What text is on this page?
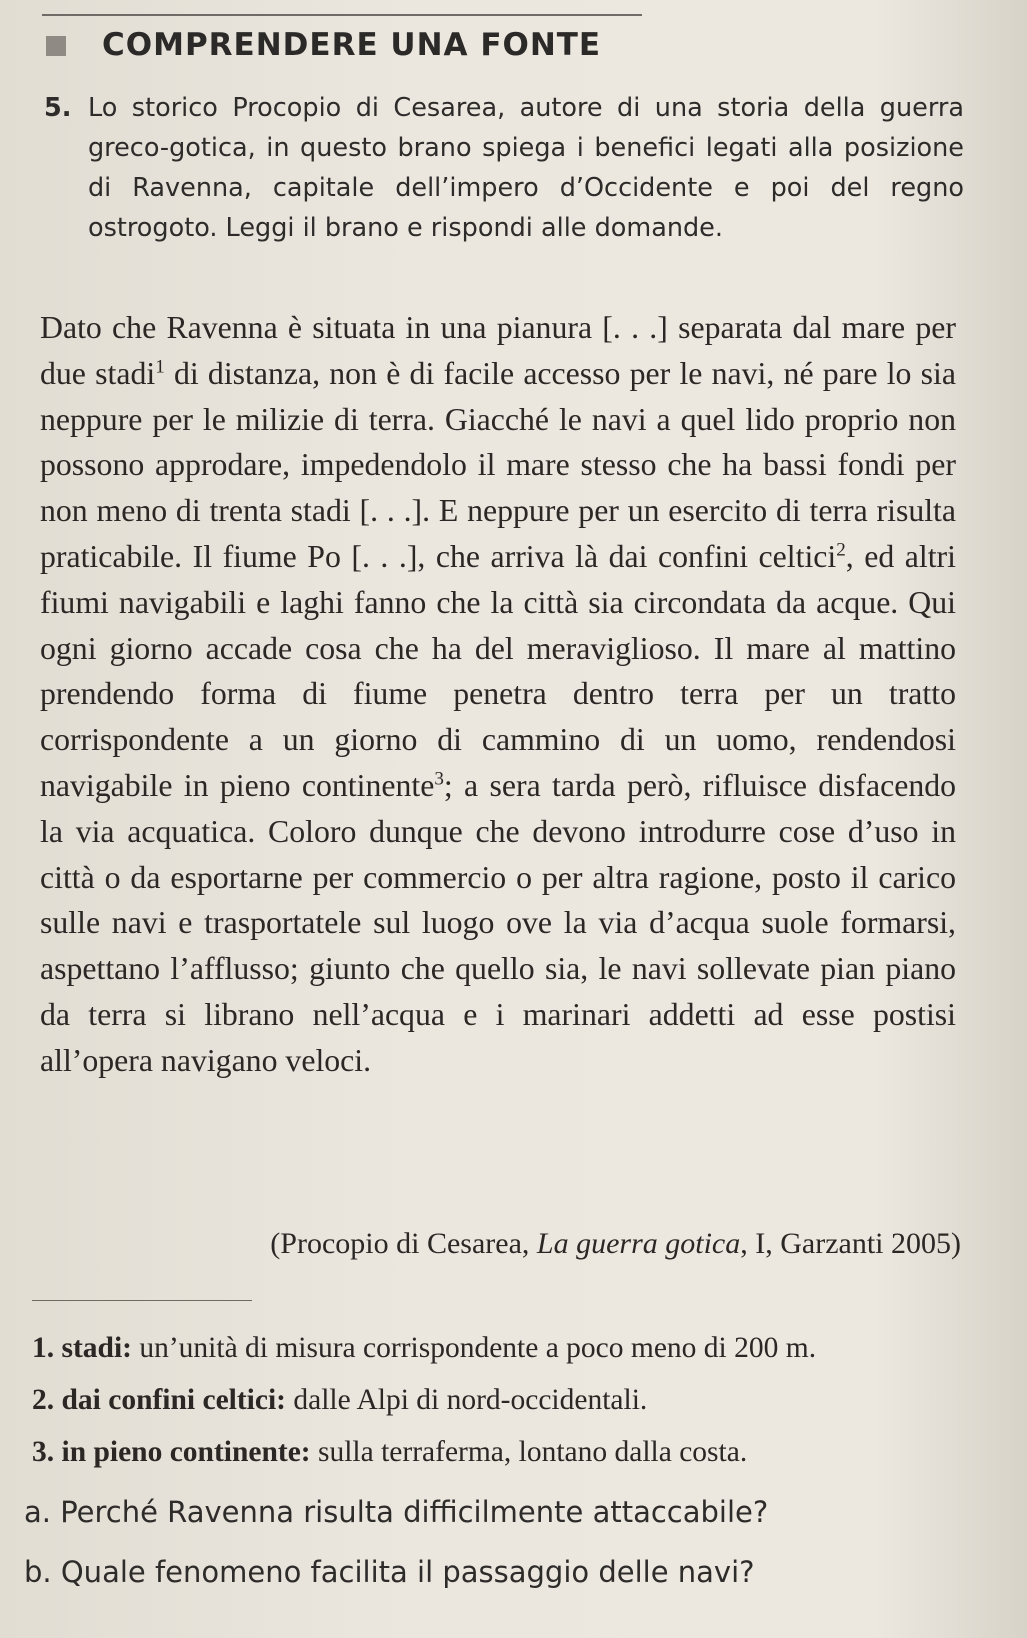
COMPRENDERE UNA FONTE
5. Lo storico Procopio di Cesarea, autore di una storia della guerra greco-gotica, in questo brano spiega i benefici legati alla posizione di Ravenna, capitale dell’impero d’Occidente e poi del regno ostrogoto. Leggi il brano e rispondi alle domande.

Dato che Ravenna è situata in una pianura [. . .] separata dal mare per due stadi$^1$ di distanza, non è di facile accesso per le navi, né pare lo sia neppure per le milizie di terra. Giacché le navi a quel lido proprio non possono approdare, impedendolo il mare stesso che ha bassi fondi per non meno di trenta stadi [. . .]. E neppure per un esercito di terra risulta praticabile. Il fiume Po [. . .], che arriva là dai confini celtici$^2$, ed altri fiumi navigabili e laghi fanno che la città sia circondata da acque. Qui ogni giorno accade cosa che ha del meraviglioso. Il mare al mattino prendendo forma di fiume penetra dentro terra per un tratto corrispondente a un giorno di cammino di un uomo, rendendosi navigabile in pieno continente$^3$; a sera tarda però, rifluisce disfacendo la via acquatica. Coloro dunque che devono introdurre cose d’uso in città o da esportarne per commercio o per altra ragione, posto il carico sulle navi e trasportatele sul luogo ove la via d’acqua suole formarsi, aspettano l’afflusso; giunto che quello sia, le navi sollevate pian piano da terra si librano nell’acqua e i marinari addetti ad esse postisi all’opera navigano veloci.

(Procopio di Cesarea, La guerra gotica, I, Garzanti 2005)
1. stadi: un’unità di misura corrispondente a poco meno di 200 m.
2. dai confini celtici: dalle Alpi di nord-occidentali.
3. in pieno continente: sulla terraferma, lontano dalla costa.
a. Perché Ravenna risulta difficilmente attaccabile?
b. Quale fenomeno facilita il passaggio delle navi?
